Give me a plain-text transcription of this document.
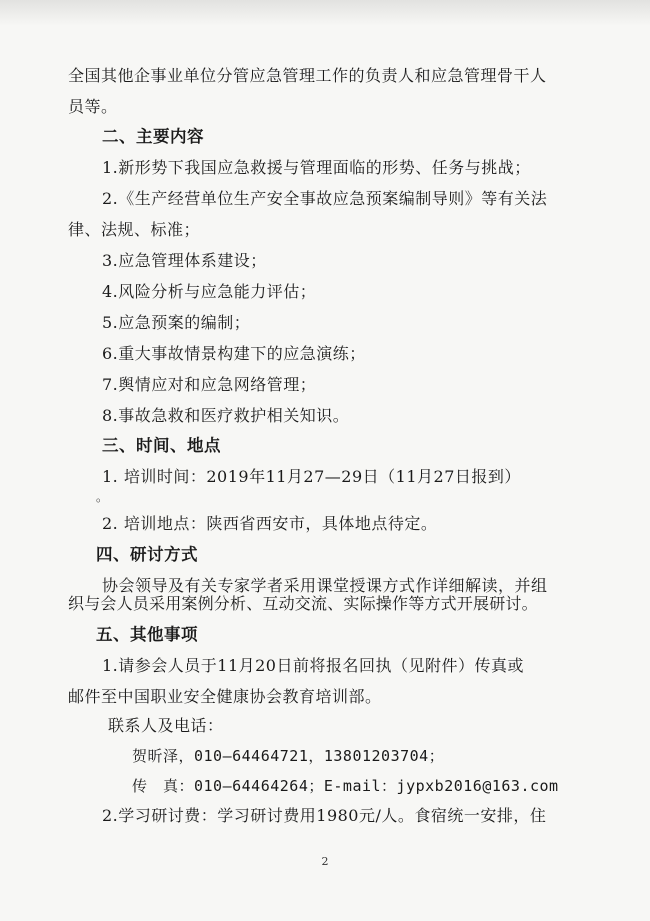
全国其他企事业单位分管应急管理工作的负责人和应急管理骨干人
员等。
二、主要内容
1.新形势下我国应急救援与管理面临的形势、任务与挑战；
2.《生产经营单位生产安全事故应急预案编制导则》等有关法
律、法规、标准；
3.应急管理体系建设；
4.风险分析与应急能力评估；
5.应急预案的编制；
6.重大事故情景构建下的应急演练；
7.舆情应对和应急网络管理；
8.事故急救和医疗救护相关知识。
三、时间、地点
1. 培训时间：2019年11月27—29日（11月27日报到）
。
2. 培训地点：陕西省西安市，具体地点待定。
四、研讨方式
协会领导及有关专家学者采用课堂授课方式作详细解读，并组
织与会人员采用案例分析、互动交流、实际操作等方式开展研讨。
五、其他事项
1.请参会人员于11月20日前将报名回执（见附件）传真或
邮件至中国职业安全健康协会教育培训部。
联系人及电话：
贺昕泽，010—64464721，13801203704；
传　真：010—64464264；E-mail：jypxb2016@163.com
2.学习研讨费：学习研讨费用1980元/人。食宿统一安排，住
2
